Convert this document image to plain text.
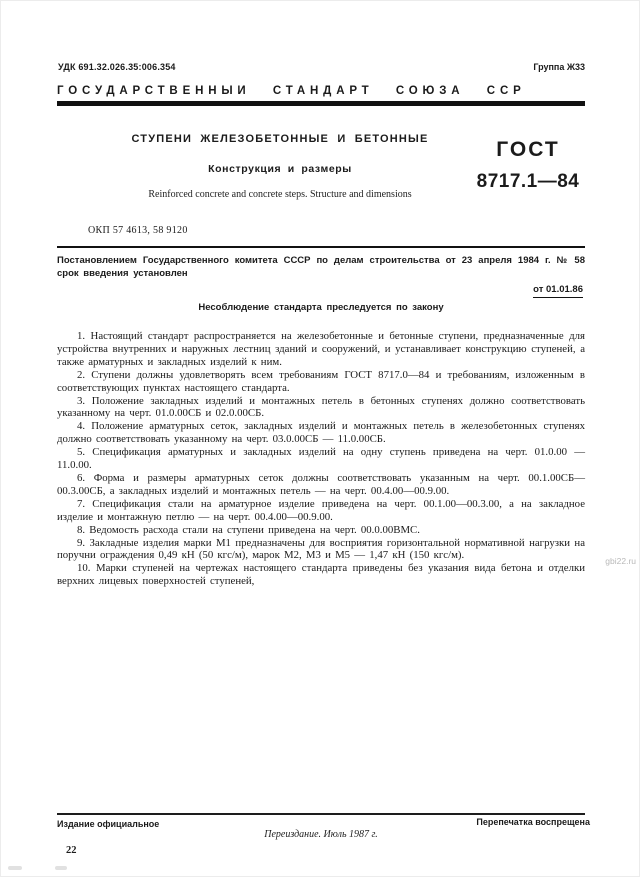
УДК 691.32.026.35:006.354	Группа Ж33
ГОСУДАРСТВЕННЫЙ СТАНДАРТ СОЮЗА ССР

СТУПЕНИ ЖЕЛЕЗОБЕТОННЫЕ И БЕТОННЫЕ

Конструкция и размеры

Reinforced concrete and concrete steps. Structure and dimensions

ГОСТ

8717.1—84

ОКП 57 4613, 58 9120
Постановлением Государственного комитета СССР по делам строительства от 23 апреля 1984 г. № 58 срок введения установлен
от 01.01.86
Несоблюдение стандарта преследуется по закону

1. Настоящий стандарт распространяется на железобетонные и бетонные ступени, предназначенные для устройства внутренних и наружных лестниц зданий и сооружений, и устанавливает конструкцию ступеней, а также арматурных и закладных изделий к ним.

2. Ступени должны удовлетворять всем требованиям ГОСТ 8717.0—84 и требованиям, изложенным в соответствующих пунктах настоящего стандарта.

3. Положение закладных изделий и монтажных петель в бетонных ступенях должно соответствовать указанному на черт. 01.0.00СБ и 02.0.00СБ.

4. Положение арматурных сеток, закладных изделий и монтажных петель в железобетонных ступенях должно соответствовать указанному на черт. 03.0.00СБ — 11.0.00СБ.

5. Спецификация арматурных и закладных изделий на одну ступень приведена на черт. 01.0.00 — 11.0.00.

6. Форма и размеры арматурных сеток должны соответствовать указанным на черт. 00.1.00СБ— 00.3.00СБ, а закладных изделий и монтажных петель — на черт. 00.4.00—00.9.00.

7. Спецификация стали на арматурное изделие приведена на черт. 00.1.00—00.3.00, а на закладное изделие и монтажную петлю — на черт. 00.4.00—00.9.00.

8. Ведомость расхода стали на ступени приведена на черт. 00.0.00ВМС.

9. Закладные изделия марки М1 предназначены для восприятия горизонтальной нормативной нагрузки на поручни ограждения 0,49 кН (50 кгс/м), марок М2, М3 и М5 — 1,47 кН (150 кгс/м).

10. Марки ступеней на чертежах настоящего стандарта приведены без указания вида бетона и отделки верхних лицевых поверхностей ступеней,

gbi22.ru
Издание официальное	Перепечатка воспрещена
Переиздание. Июль 1987 г.
22
